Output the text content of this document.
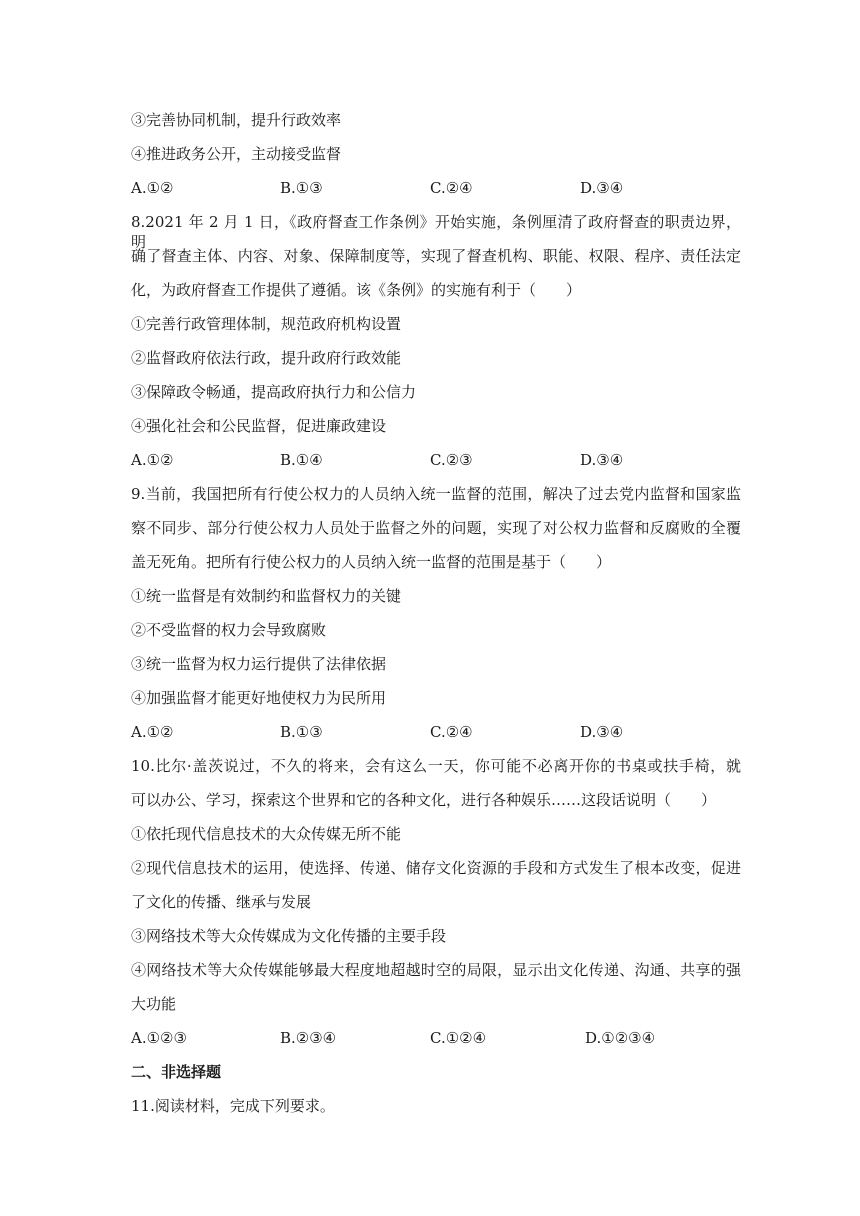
③完善协同机制，提升行政效率
④推进政务公开，主动接受监督
A.①②	B.①③	C.②④	D.③④
8.2021 年 2 月 1 日，《政府督查工作条例》开始实施，条例厘清了政府督查的职责边界，明
确了督查主体、内容、对象、保障制度等，实现了督查机构、职能、权限、程序、责任法定
化，为政府督查工作提供了遵循。该《条例》的实施有利于（　　）
①完善行政管理体制，规范政府机构设置
②监督政府依法行政，提升政府行政效能
③保障政令畅通，提高政府执行力和公信力
④强化社会和公民监督，促进廉政建设
A.①②	B.①④	C.②③	D.③④
9.当前，我国把所有行使公权力的人员纳入统一监督的范围，解决了过去党内监督和国家监
察不同步、部分行使公权力人员处于监督之外的问题，实现了对公权力监督和反腐败的全覆
盖无死角。把所有行使公权力的人员纳入统一监督的范围是基于（　　）
①统一监督是有效制约和监督权力的关键
②不受监督的权力会导致腐败
③统一监督为权力运行提供了法律依据
④加强监督才能更好地使权力为民所用
A.①②	B.①③	C.②④	D.③④
10.比尔·盖茨说过，不久的将来，会有这么一天，你可能不必离开你的书桌或扶手椅，就
可以办公、学习，探索这个世界和它的各种文化，进行各种娱乐……这段话说明（　　）
①依托现代信息技术的大众传媒无所不能
②现代信息技术的运用，使选择、传递、储存文化资源的手段和方式发生了根本改变，促进
了文化的传播、继承与发展
③网络技术等大众传媒成为文化传播的主要手段
④网络技术等大众传媒能够最大程度地超越时空的局限，显示出文化传递、沟通、共享的强
大功能
A.①②③	B.②③④	C.①②④	D.①②③④
二、非选择题
11.阅读材料，完成下列要求。
